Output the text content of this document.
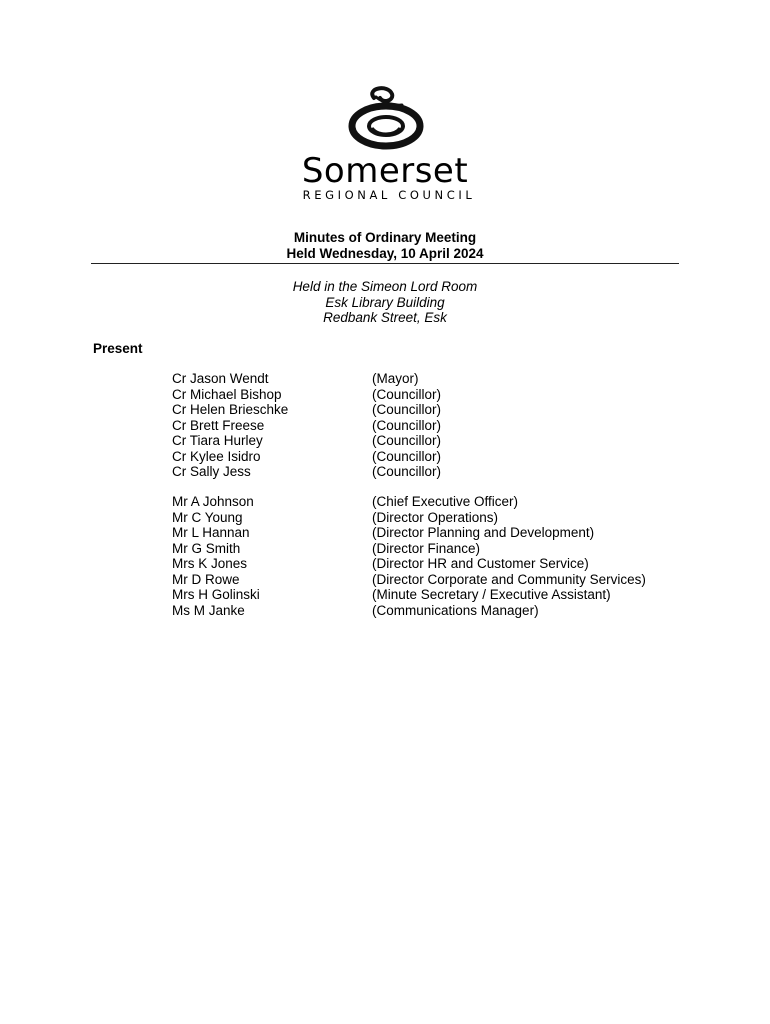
Somerset
REGIONAL COUNCIL
Minutes of Ordinary Meeting
Held Wednesday, 10 April 2024
Held in the Simeon Lord Room
Esk Library Building
Redbank Street, Esk
Present
Cr Jason Wendt	(Mayor)
Cr Michael Bishop	(Councillor)
Cr Helen Brieschke	(Councillor)
Cr Brett Freese	(Councillor)
Cr Tiara Hurley	(Councillor)
Cr Kylee Isidro	(Councillor)
Cr Sally Jess	(Councillor)
Mr A Johnson	(Chief Executive Officer)
Mr C Young	(Director Operations)
Mr L Hannan	(Director Planning and Development)
Mr G Smith	(Director Finance)
Mrs K Jones	(Director HR and Customer Service)
Mr D Rowe	(Director Corporate and Community Services)
Mrs H Golinski	(Minute Secretary / Executive Assistant)
Ms M Janke	(Communications Manager)
